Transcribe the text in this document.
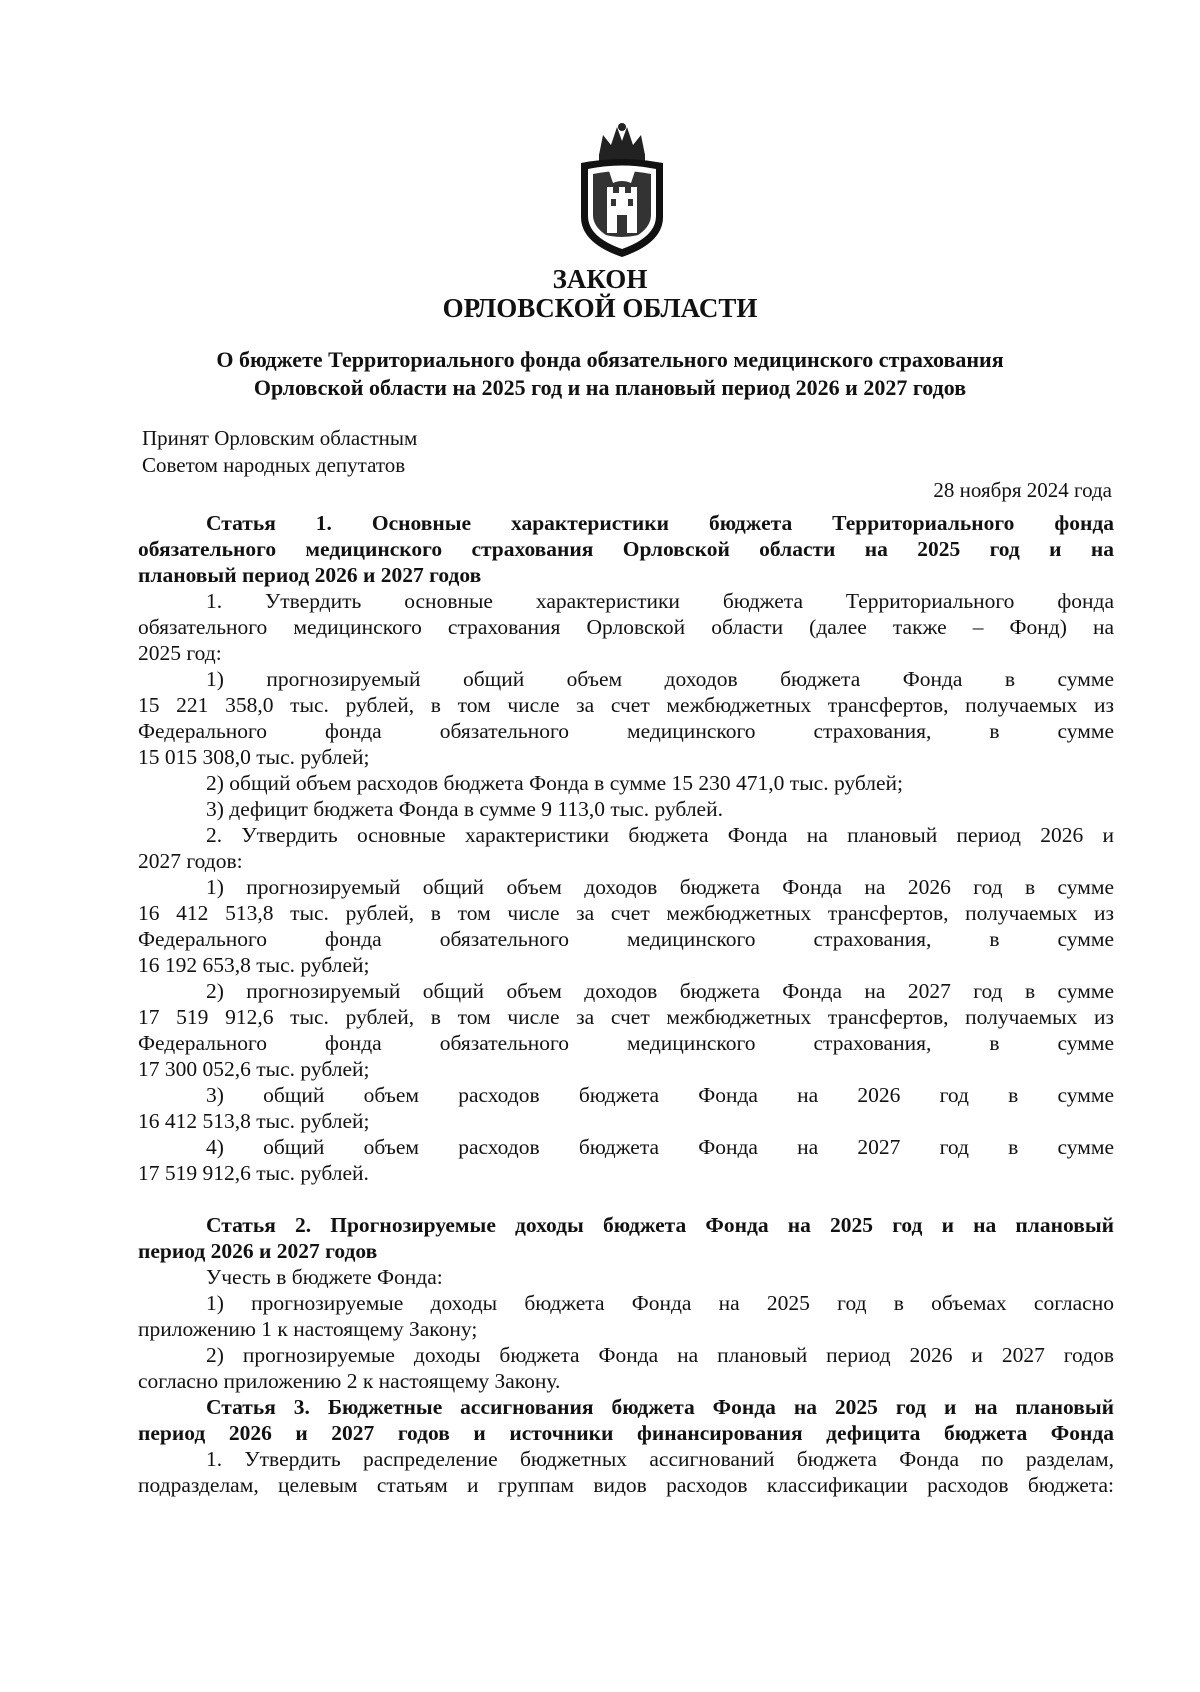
ЗАКОН
ОРЛОВСКОЙ ОБЛАСТИ
О бюджете Территориального фонда обязательного медицинского страхования
Орловской области на 2025 год и на плановый период 2026 и 2027 годов
Принят Орловским областным
Советом народных депутатов
28 ноября 2024 года
Статья 1. Основные характеристики бюджета Территориального фонда
обязательного медицинского страхования Орловской области на 2025 год и на
плановый период 2026 и 2027 годов
1. Утвердить основные характеристики бюджета Территориального фонда
обязательного медицинского страхования Орловской области (далее также – Фонд) на
2025 год:
1) прогнозируемый общий объем доходов бюджета Фонда в сумме
15 221 358,0 тыс. рублей, в том числе за счет межбюджетных трансфертов, получаемых из
Федерального фонда обязательного медицинского страхования, в сумме
15 015 308,0 тыс. рублей;
2) общий объем расходов бюджета Фонда в сумме 15 230 471,0 тыс. рублей;
3) дефицит бюджета Фонда в сумме 9 113,0 тыс. рублей.
2. Утвердить основные характеристики бюджета Фонда на плановый период 2026 и
2027 годов:
1) прогнозируемый общий объем доходов бюджета Фонда на 2026 год в сумме
16 412 513,8 тыс. рублей, в том числе за счет межбюджетных трансфертов, получаемых из
Федерального фонда обязательного медицинского страхования, в сумме
16 192 653,8 тыс. рублей;
2) прогнозируемый общий объем доходов бюджета Фонда на 2027 год в сумме
17 519 912,6 тыс. рублей, в том числе за счет межбюджетных трансфертов, получаемых из
Федерального фонда обязательного медицинского страхования, в сумме
17 300 052,6 тыс. рублей;
3) общий объем расходов бюджета Фонда на 2026 год в сумме
16 412 513,8 тыс. рублей;
4) общий объем расходов бюджета Фонда на 2027 год в сумме
17 519 912,6 тыс. рублей.
Статья 2. Прогнозируемые доходы бюджета Фонда на 2025 год и на плановый
период 2026 и 2027 годов
Учесть в бюджете Фонда:
1) прогнозируемые доходы бюджета Фонда на 2025 год в объемах согласно
приложению 1 к настоящему Закону;
2) прогнозируемые доходы бюджета Фонда на плановый период 2026 и 2027 годов
согласно приложению 2 к настоящему Закону.
Статья 3. Бюджетные ассигнования бюджета Фонда на 2025 год и на плановый
период 2026 и 2027 годов и источники финансирования дефицита бюджета Фонда
1. Утвердить распределение бюджетных ассигнований бюджета Фонда по разделам,
подразделам, целевым статьям и группам видов расходов классификации расходов бюджета:
